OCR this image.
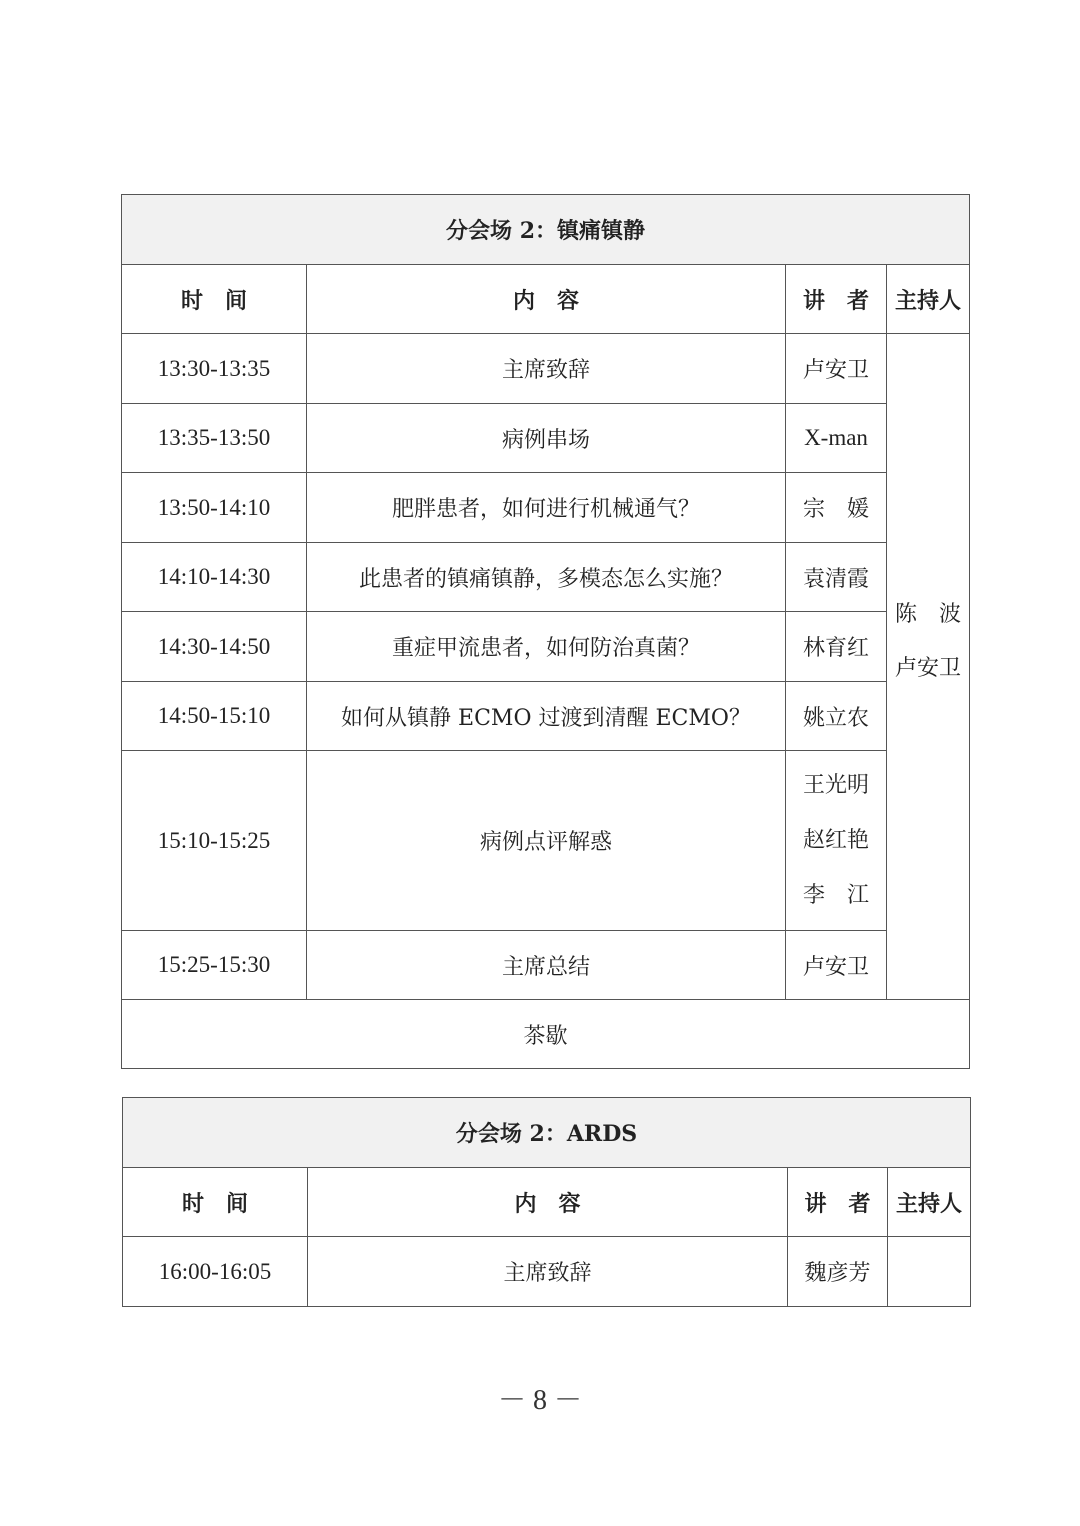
分会场 2：镇痛镇静			
时　间	内　容	讲　者	主持人
13:30-13:35	主席致辞	卢安卫	陈　波
卢安卫

13:35-13:50	病例串场	X-man	
13:50-14:10	肥胖患者，如何进行机械通气？	宗　媛	
14:10-14:30	此患者的镇痛镇静，多模态怎么实施？	袁清霞	
14:30-14:50	重症甲流患者，如何防治真菌？	林育红	
14:50-15:10	如何从镇静 ECMO 过渡到清醒 ECMO？	姚立农	
15:10-15:25	病例点评解惑	王光明
赵红艳
李　江	

15:25-15:30	主席总结	卢安卫	
茶歇			
分会场 2：ARDS			
时　间	内　容	讲　者	主持人
16:00-16:05	主席致辞	魏彦芳	
－ 8 －
